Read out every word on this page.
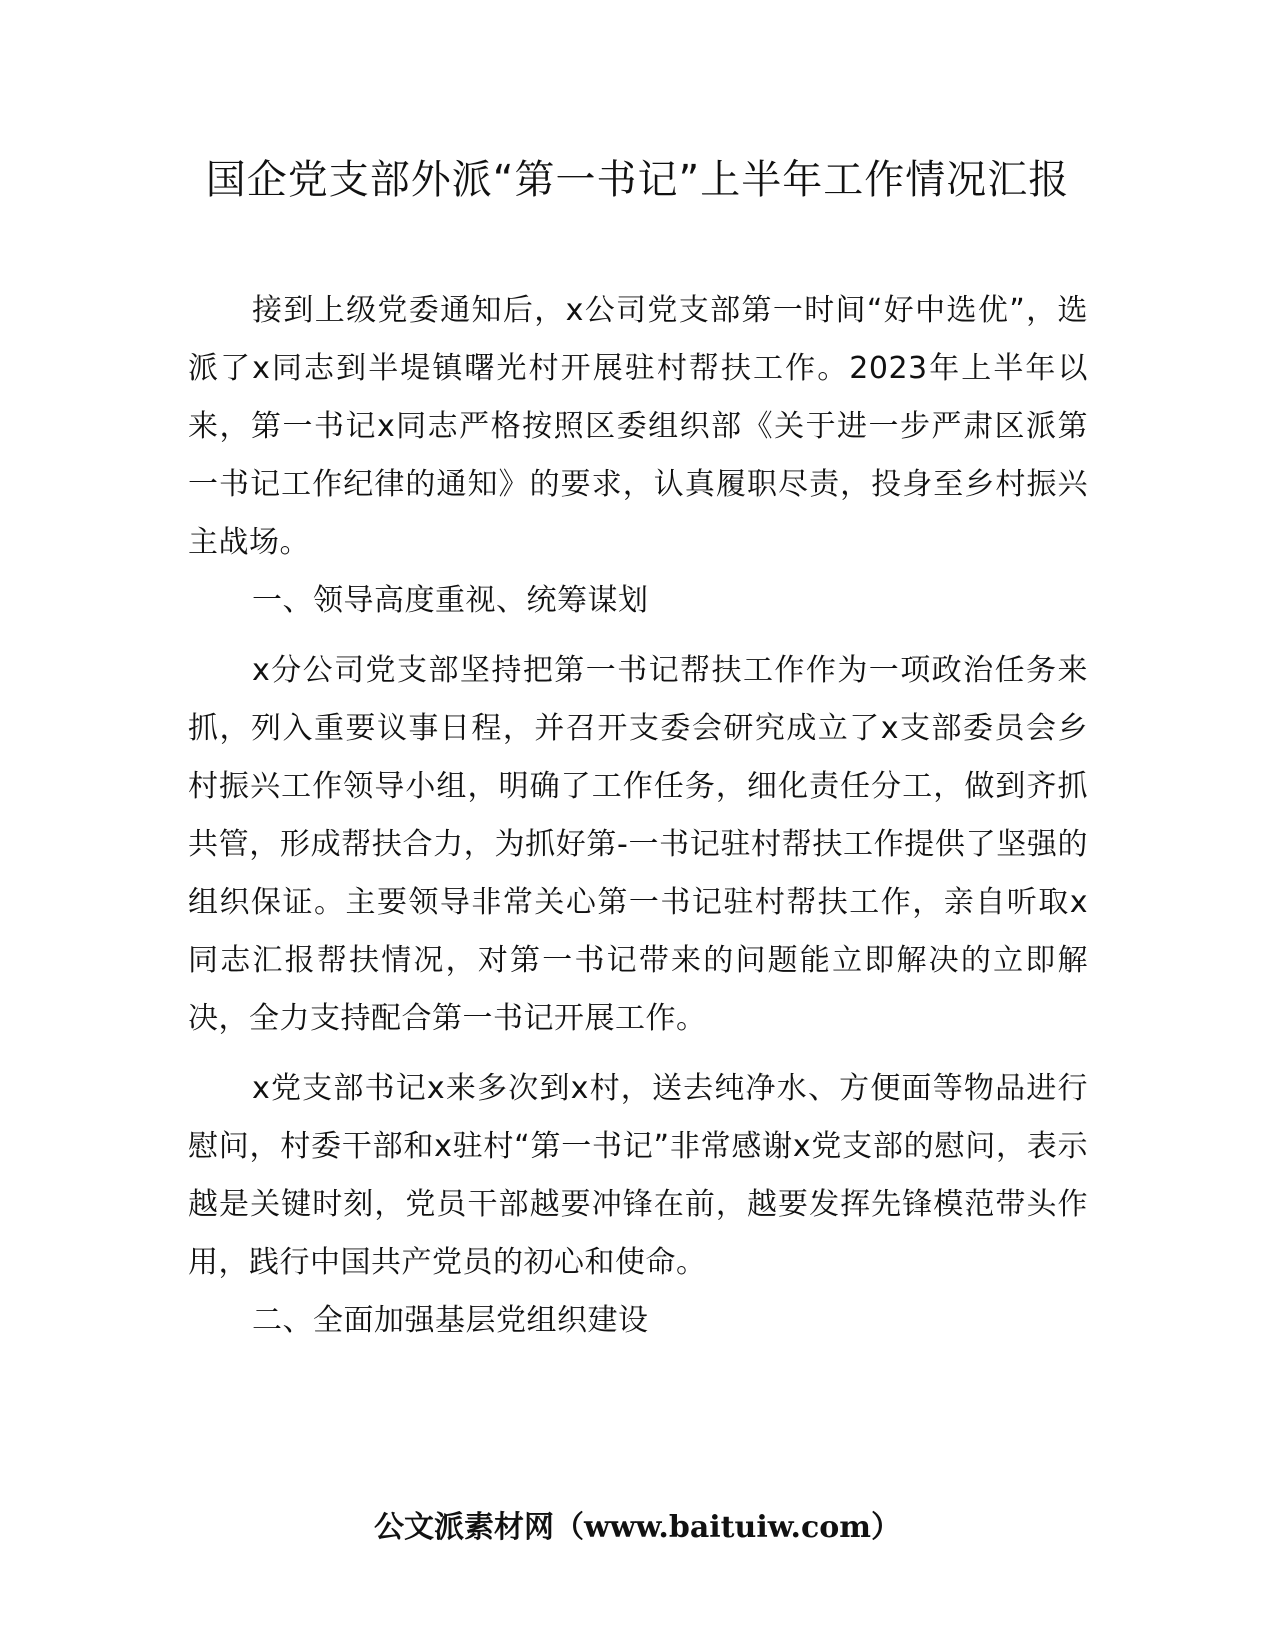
国企党支部外派“第一书记”上半年工作情况汇报

接到上级党委通知后，x公司党支部第一时间“好中选优”，选派了x同志到半堤镇曙光村开展驻村帮扶工作。2023年上半年以来，第一书记x同志严格按照区委组织部《关于进一步严肃区派第一书记工作纪律的通知》的要求，认真履职尽责，投身至乡村振兴主战场。

一、领导高度重视、统筹谋划

x分公司党支部坚持把第一书记帮扶工作作为一项政治任务来抓，列入重要议事日程，并召开支委会研究成立了x支部委员会乡村振兴工作领导小组，明确了工作任务，细化责任分工，做到齐抓共管，形成帮扶合力，为抓好第-一书记驻村帮扶工作提供了坚强的组织保证。主要领导非常关心第一书记驻村帮扶工作，亲自听取x同志汇报帮扶情况，对第一书记带来的问题能立即解决的立即解决，全力支持配合第一书记开展工作。

x党支部书记x来多次到x村，送去纯净水、方便面等物品进行慰问，村委干部和x驻村“第一书记”非常感谢x党支部的慰问，表示越是关键时刻，党员干部越要冲锋在前，越要发挥先锋模范带头作用，践行中国共产党员的初心和使命。

二、全面加强基层党组织建设

公文派素材网（www.baituiw.com）
